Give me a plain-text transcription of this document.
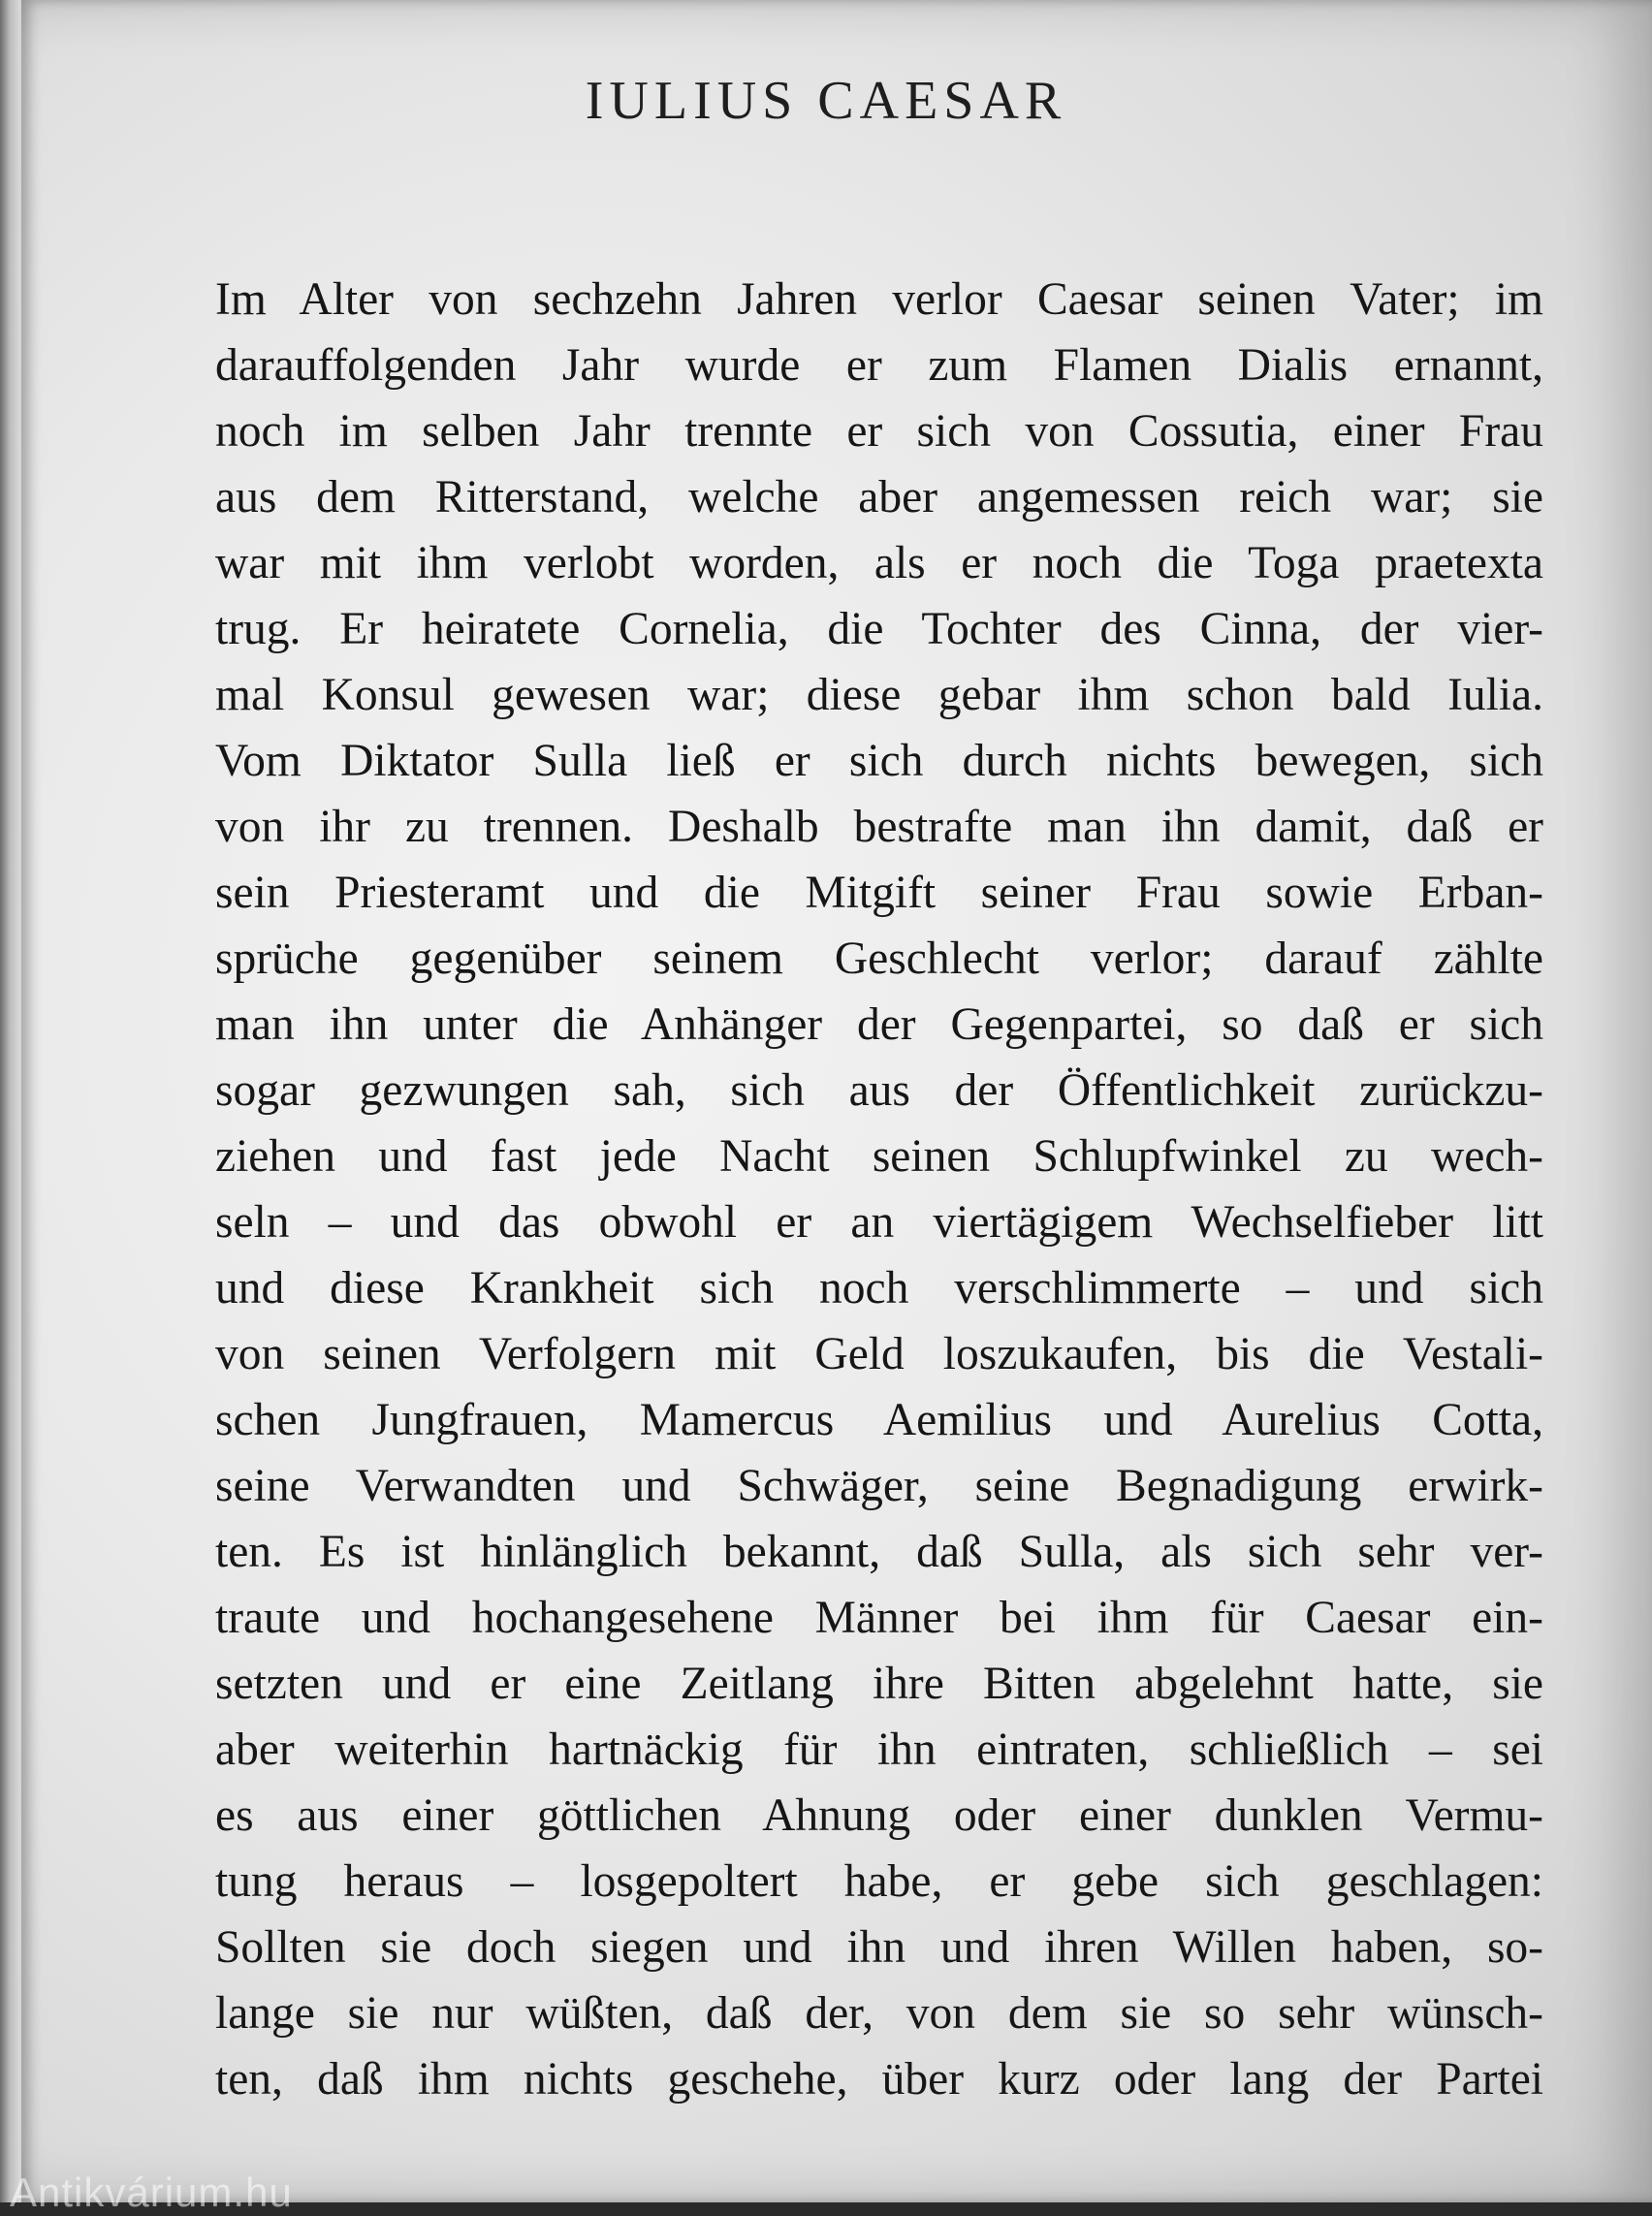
IULIUS CAESAR
Im Alter von sechzehn Jahren verlor Caesar seinen Vater; im
darauffolgenden Jahr wurde er zum Flamen Dialis ernannt,
noch im selben Jahr trennte er sich von Cossutia, einer Frau
aus dem Ritterstand, welche aber angemessen reich war; sie
war mit ihm verlobt worden, als er noch die Toga praetexta
trug. Er heiratete Cornelia, die Tochter des Cinna, der vier-
mal Konsul gewesen war; diese gebar ihm schon bald Iulia.
Vom Diktator Sulla ließ er sich durch nichts bewegen, sich
von ihr zu trennen. Deshalb bestrafte man ihn damit, daß er
sein Priesteramt und die Mitgift seiner Frau sowie Erban-
sprüche gegenüber seinem Geschlecht verlor; darauf zählte
man ihn unter die Anhänger der Gegenpartei, so daß er sich
sogar gezwungen sah, sich aus der Öffentlichkeit zurückzu-
ziehen und fast jede Nacht seinen Schlupfwinkel zu wech-
seln – und das obwohl er an viertägigem Wechselfieber litt
und diese Krankheit sich noch verschlimmerte – und sich
von seinen Verfolgern mit Geld loszukaufen, bis die Vestali-
schen Jungfrauen, Mamercus Aemilius und Aurelius Cotta,
seine Verwandten und Schwäger, seine Begnadigung erwirk-
ten. Es ist hinlänglich bekannt, daß Sulla, als sich sehr ver-
traute und hochangesehene Männer bei ihm für Caesar ein-
setzten und er eine Zeitlang ihre Bitten abgelehnt hatte, sie
aber weiterhin hartnäckig für ihn eintraten, schließlich – sei
es aus einer göttlichen Ahnung oder einer dunklen Vermu-
tung heraus – losgepoltert habe, er gebe sich geschlagen:
Sollten sie doch siegen und ihn und ihren Willen haben, so-
lange sie nur wüßten, daß der, von dem sie so sehr wünsch-
ten, daß ihm nichts geschehe, über kurz oder lang der Partei
Antikvárium.hu
